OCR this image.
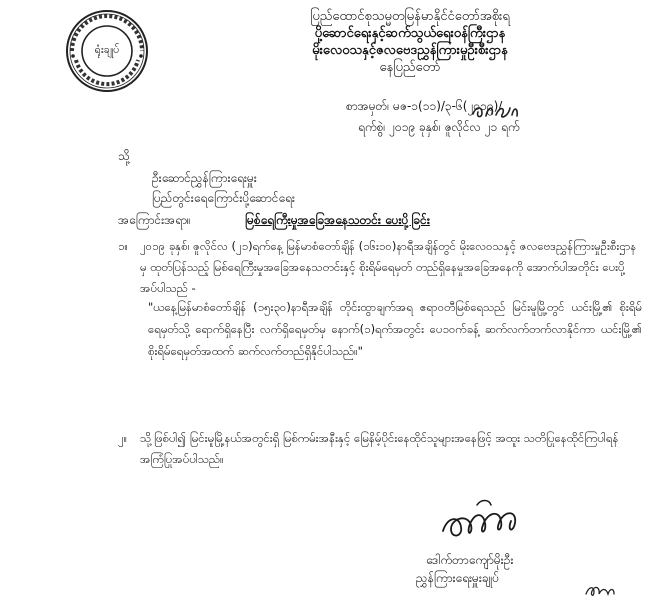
ရုံးချုပ်
ပြည်ထောင်စုသမ္မတမြန်မာနိုင်ငံတော်အစိုးရ
ပို့ဆောင်ရေးနှင့်ဆက်သွယ်ရေးဝန်ကြီးဌာန
မိုးလေဝသနှင့်ဇလဗေဒညွှန်ကြားမှုဦးစီးဌာန
နေပြည်တော်
စာအမှတ်၊ မဇ-၁(၁၁)/၃-၆(၂၀၁၉)/
ရက်စွဲ၊ ၂၀၁၉ ခုနှစ်၊ ဇူလိုင်လ ၂၁ ရက်
သို့
ဦးဆောင်ညွှန်ကြားရေးမှူး
ပြည်တွင်းရေကြောင်းပို့ဆောင်ရေး
အကြောင်းအရာ။	မြစ်ရေကြီးမှုအခြေအနေသတင်း ပေးပို့ခြင်း
၁။ ၂၀၁၉ ခုနှစ်၊ ဇူလိုင်လ (၂၁)ရက်နေ့ မြန်မာစံတော်ချိန် (၁၆း၁၀)နာရီအချိန်တွင် မိုးလေဝသနှင့် ဇလဗေဒညွှန်ကြားမှုဦးစီးဌာနမှ ထုတ်ပြန်သည့် မြစ်ရေကြီးမှုအခြေအနေသတင်းနှင့် စိုးရိမ်ရေမှတ် တည်ရှိနေမှုအခြေအနေကို အောက်ပါအတိုင်း ပေးပို့အပ်ပါသည် -
"ယနေ့မြန်မာစံတော်ချိန် (၁၅း၃၀)နာရီအချိန် တိုင်းထွာချက်အရ ဧရာဝတီမြစ်ရေသည် မြင်းမူမြို့တွင် ယင်းမြို့၏ စိုးရိမ်ရေမှတ်သို့ ရောက်ရှိနေပြီး လက်ရှိရေမှတ်မှ နောက်(၁)ရက်အတွင်း ပေ၁ဝက်ခန့် ဆက်လက်တက်လာနိုင်ကာ ယင်းမြို့၏ စိုးရိမ်ရေမှတ်အထက် ဆက်လက်တည်ရှိနိုင်ပါသည်။"
၂။ သို့ဖြစ်ပါ၍ မြင်းမူမြို့နယ်အတွင်းရှိ မြစ်ကမ်းအနီးနှင့် မြေနိမ့်ပိုင်းနေထိုင်သူများအနေဖြင့် အထူး သတိပြုနေထိုင်ကြပါရန် အကြံပြုအပ်ပါသည်။
ဒေါက်တာကျော်မိုးဦး
ညွှန်ကြားရေးမှူးချုပ်
